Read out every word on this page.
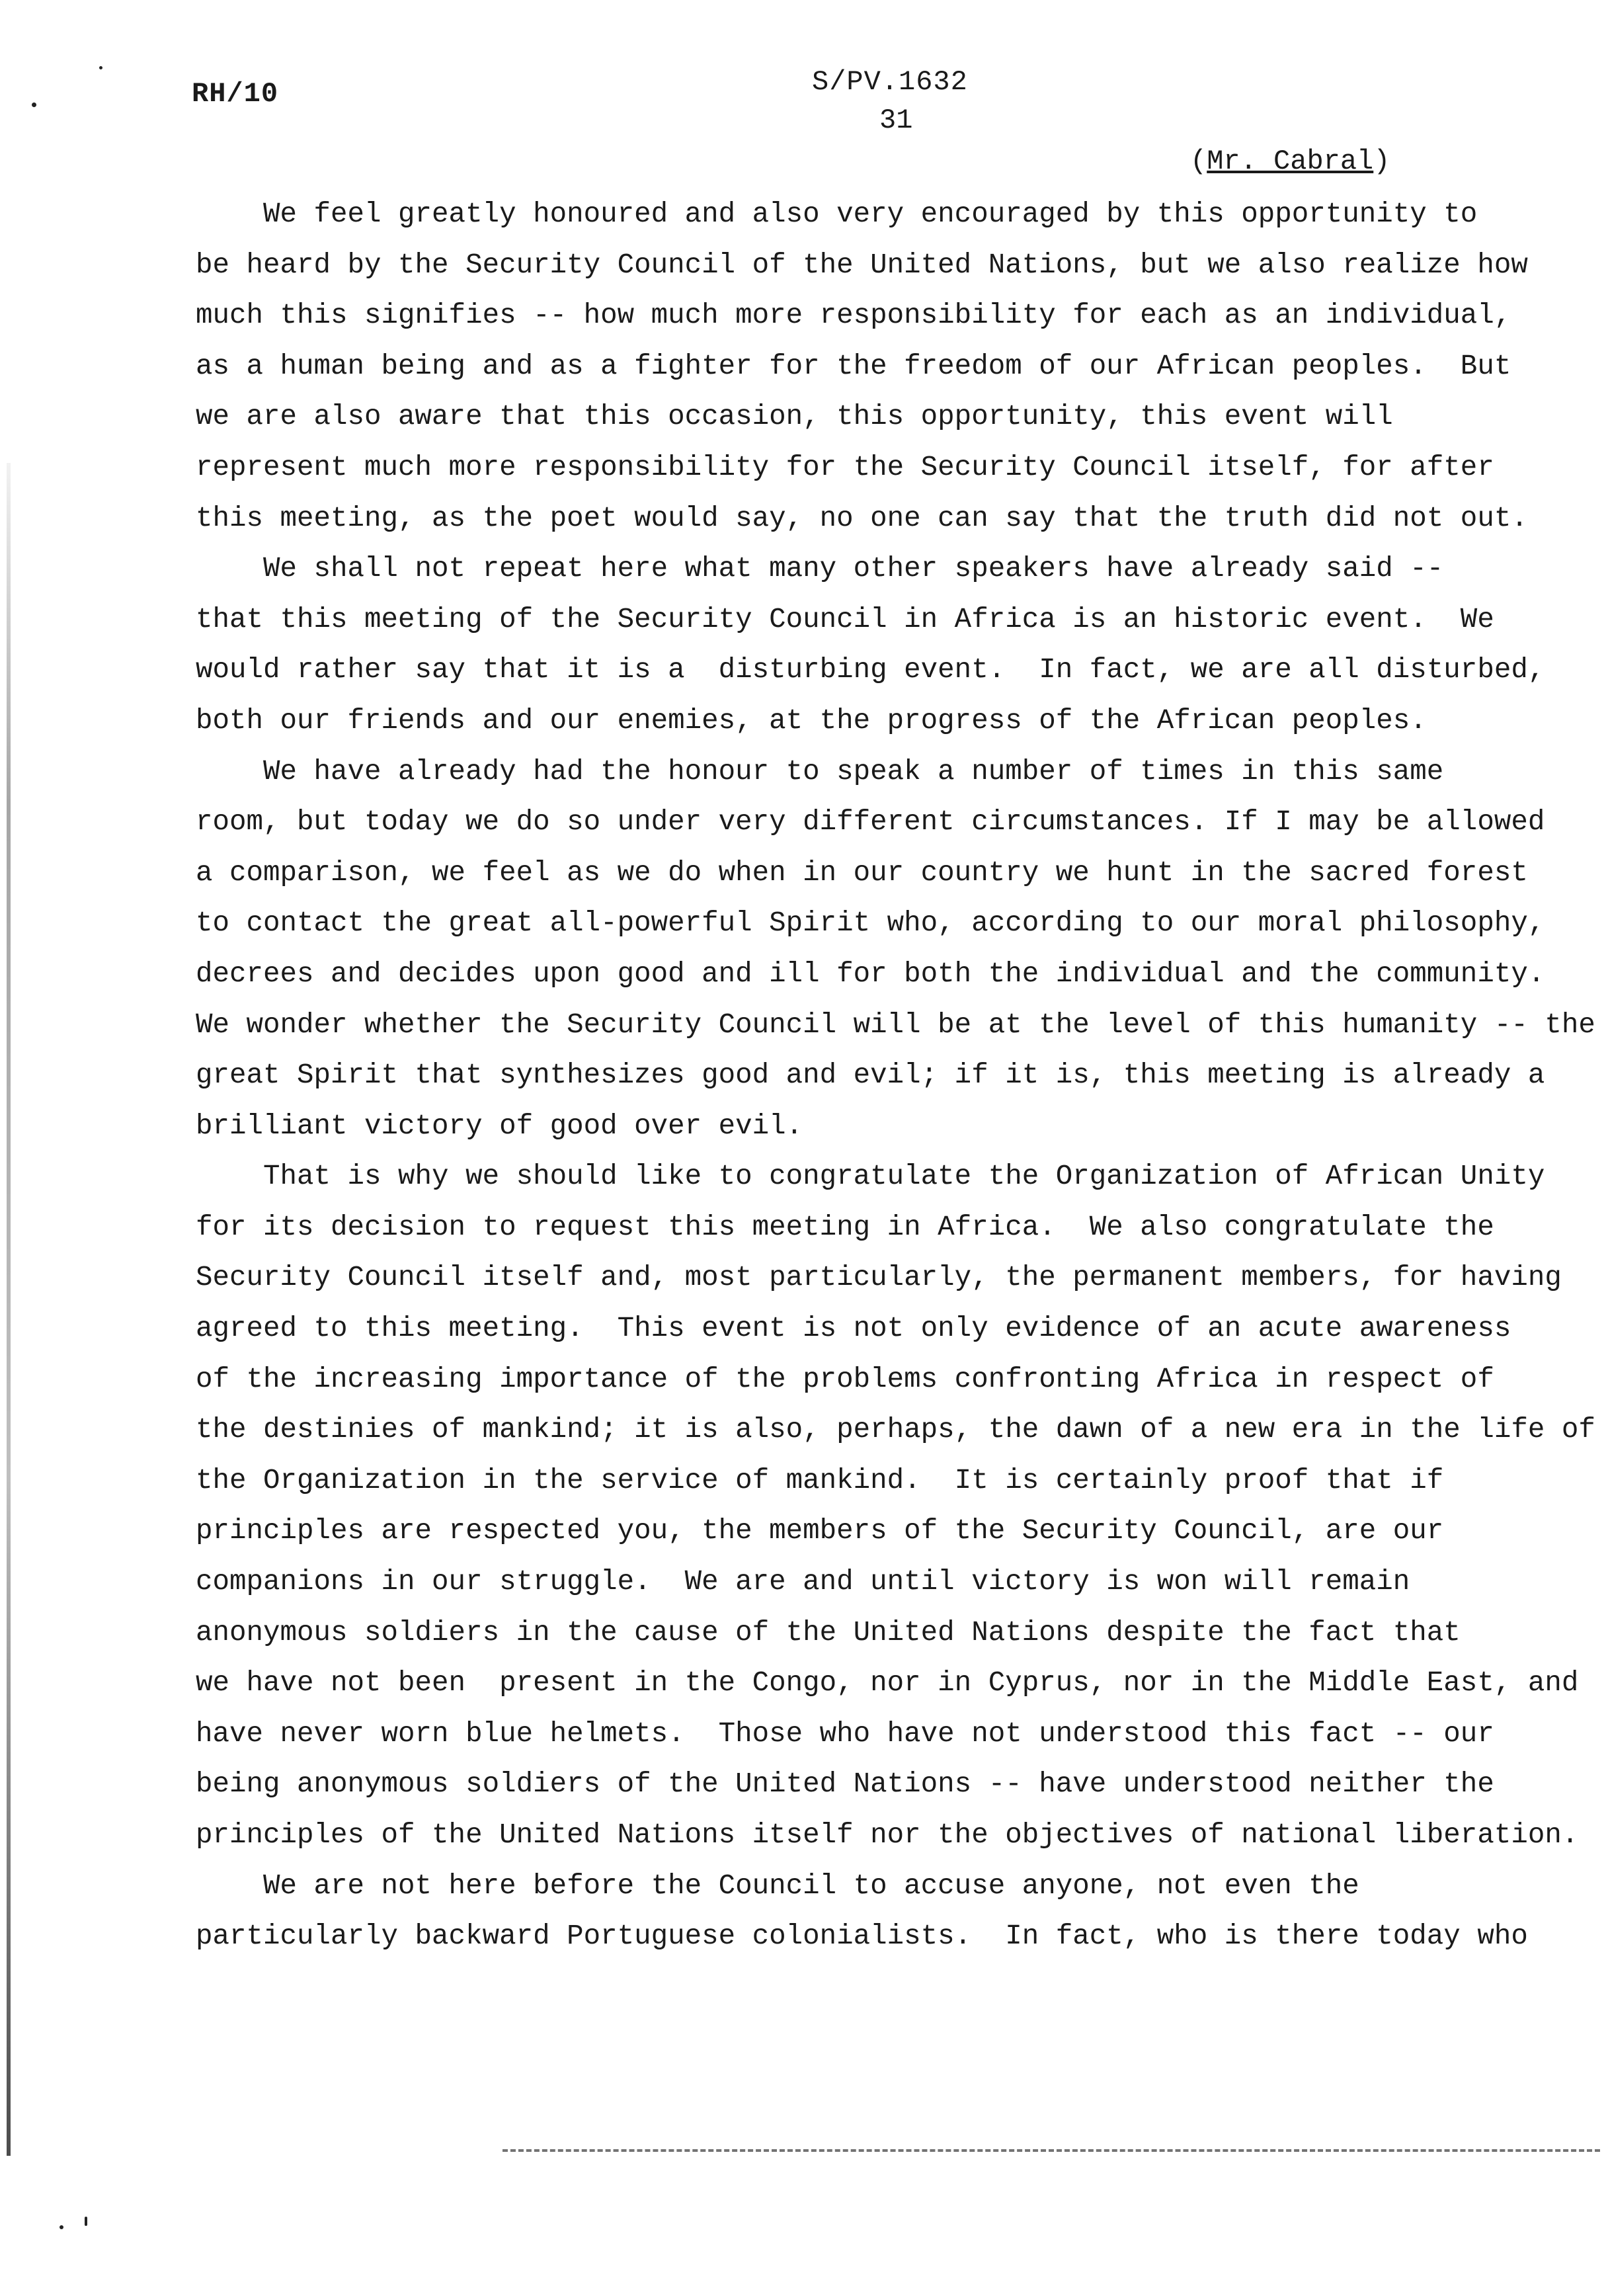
RH/10	S/PV.1632
31
(Mr. Cabral)
We feel greatly honoured and also very encouraged by this opportunity to
be heard by the Security Council of the United Nations, but we also realize how
much this signifies -- how much more responsibility for each as an individual,
as a human being and as a fighter for the freedom of our African peoples.  But
we are also aware that this occasion, this opportunity, this event will
represent much more responsibility for the Security Council itself, for after
this meeting, as the poet would say, no one can say that the truth did not out.
We shall not repeat here what many other speakers have already said --
that this meeting of the Security Council in Africa is an historic event.  We
would rather say that it is a  disturbing event.  In fact, we are all disturbed,
both our friends and our enemies, at the progress of the African peoples.
We have already had the honour to speak a number of times in this same
room, but today we do so under very different circumstances. If I may be allowed
a comparison, we feel as we do when in our country we hunt in the sacred forest
to contact the great all-powerful Spirit who, according to our moral philosophy,
decrees and decides upon good and ill for both the individual and the community.
We wonder whether the Security Council will be at the level of this humanity -- the
great Spirit that synthesizes good and evil; if it is, this meeting is already a
brilliant victory of good over evil.
That is why we should like to congratulate the Organization of African Unity
for its decision to request this meeting in Africa.  We also congratulate the
Security Council itself and, most particularly, the permanent members, for having
agreed to this meeting.  This event is not only evidence of an acute awareness
of the increasing importance of the problems confronting Africa in respect of
the destinies of mankind; it is also, perhaps, the dawn of a new era in the life of
the Organization in the service of mankind.  It is certainly proof that if
principles are respected you, the members of the Security Council, are our
companions in our struggle.  We are and until victory is won will remain
anonymous soldiers in the cause of the United Nations despite the fact that
we have not been  present in the Congo, nor in Cyprus, nor in the Middle East, and
have never worn blue helmets.  Those who have not understood this fact -- our
being anonymous soldiers of the United Nations -- have understood neither the
principles of the United Nations itself nor the objectives of national liberation.
We are not here before the Council to accuse anyone, not even the
particularly backward Portuguese colonialists.  In fact, who is there today who
